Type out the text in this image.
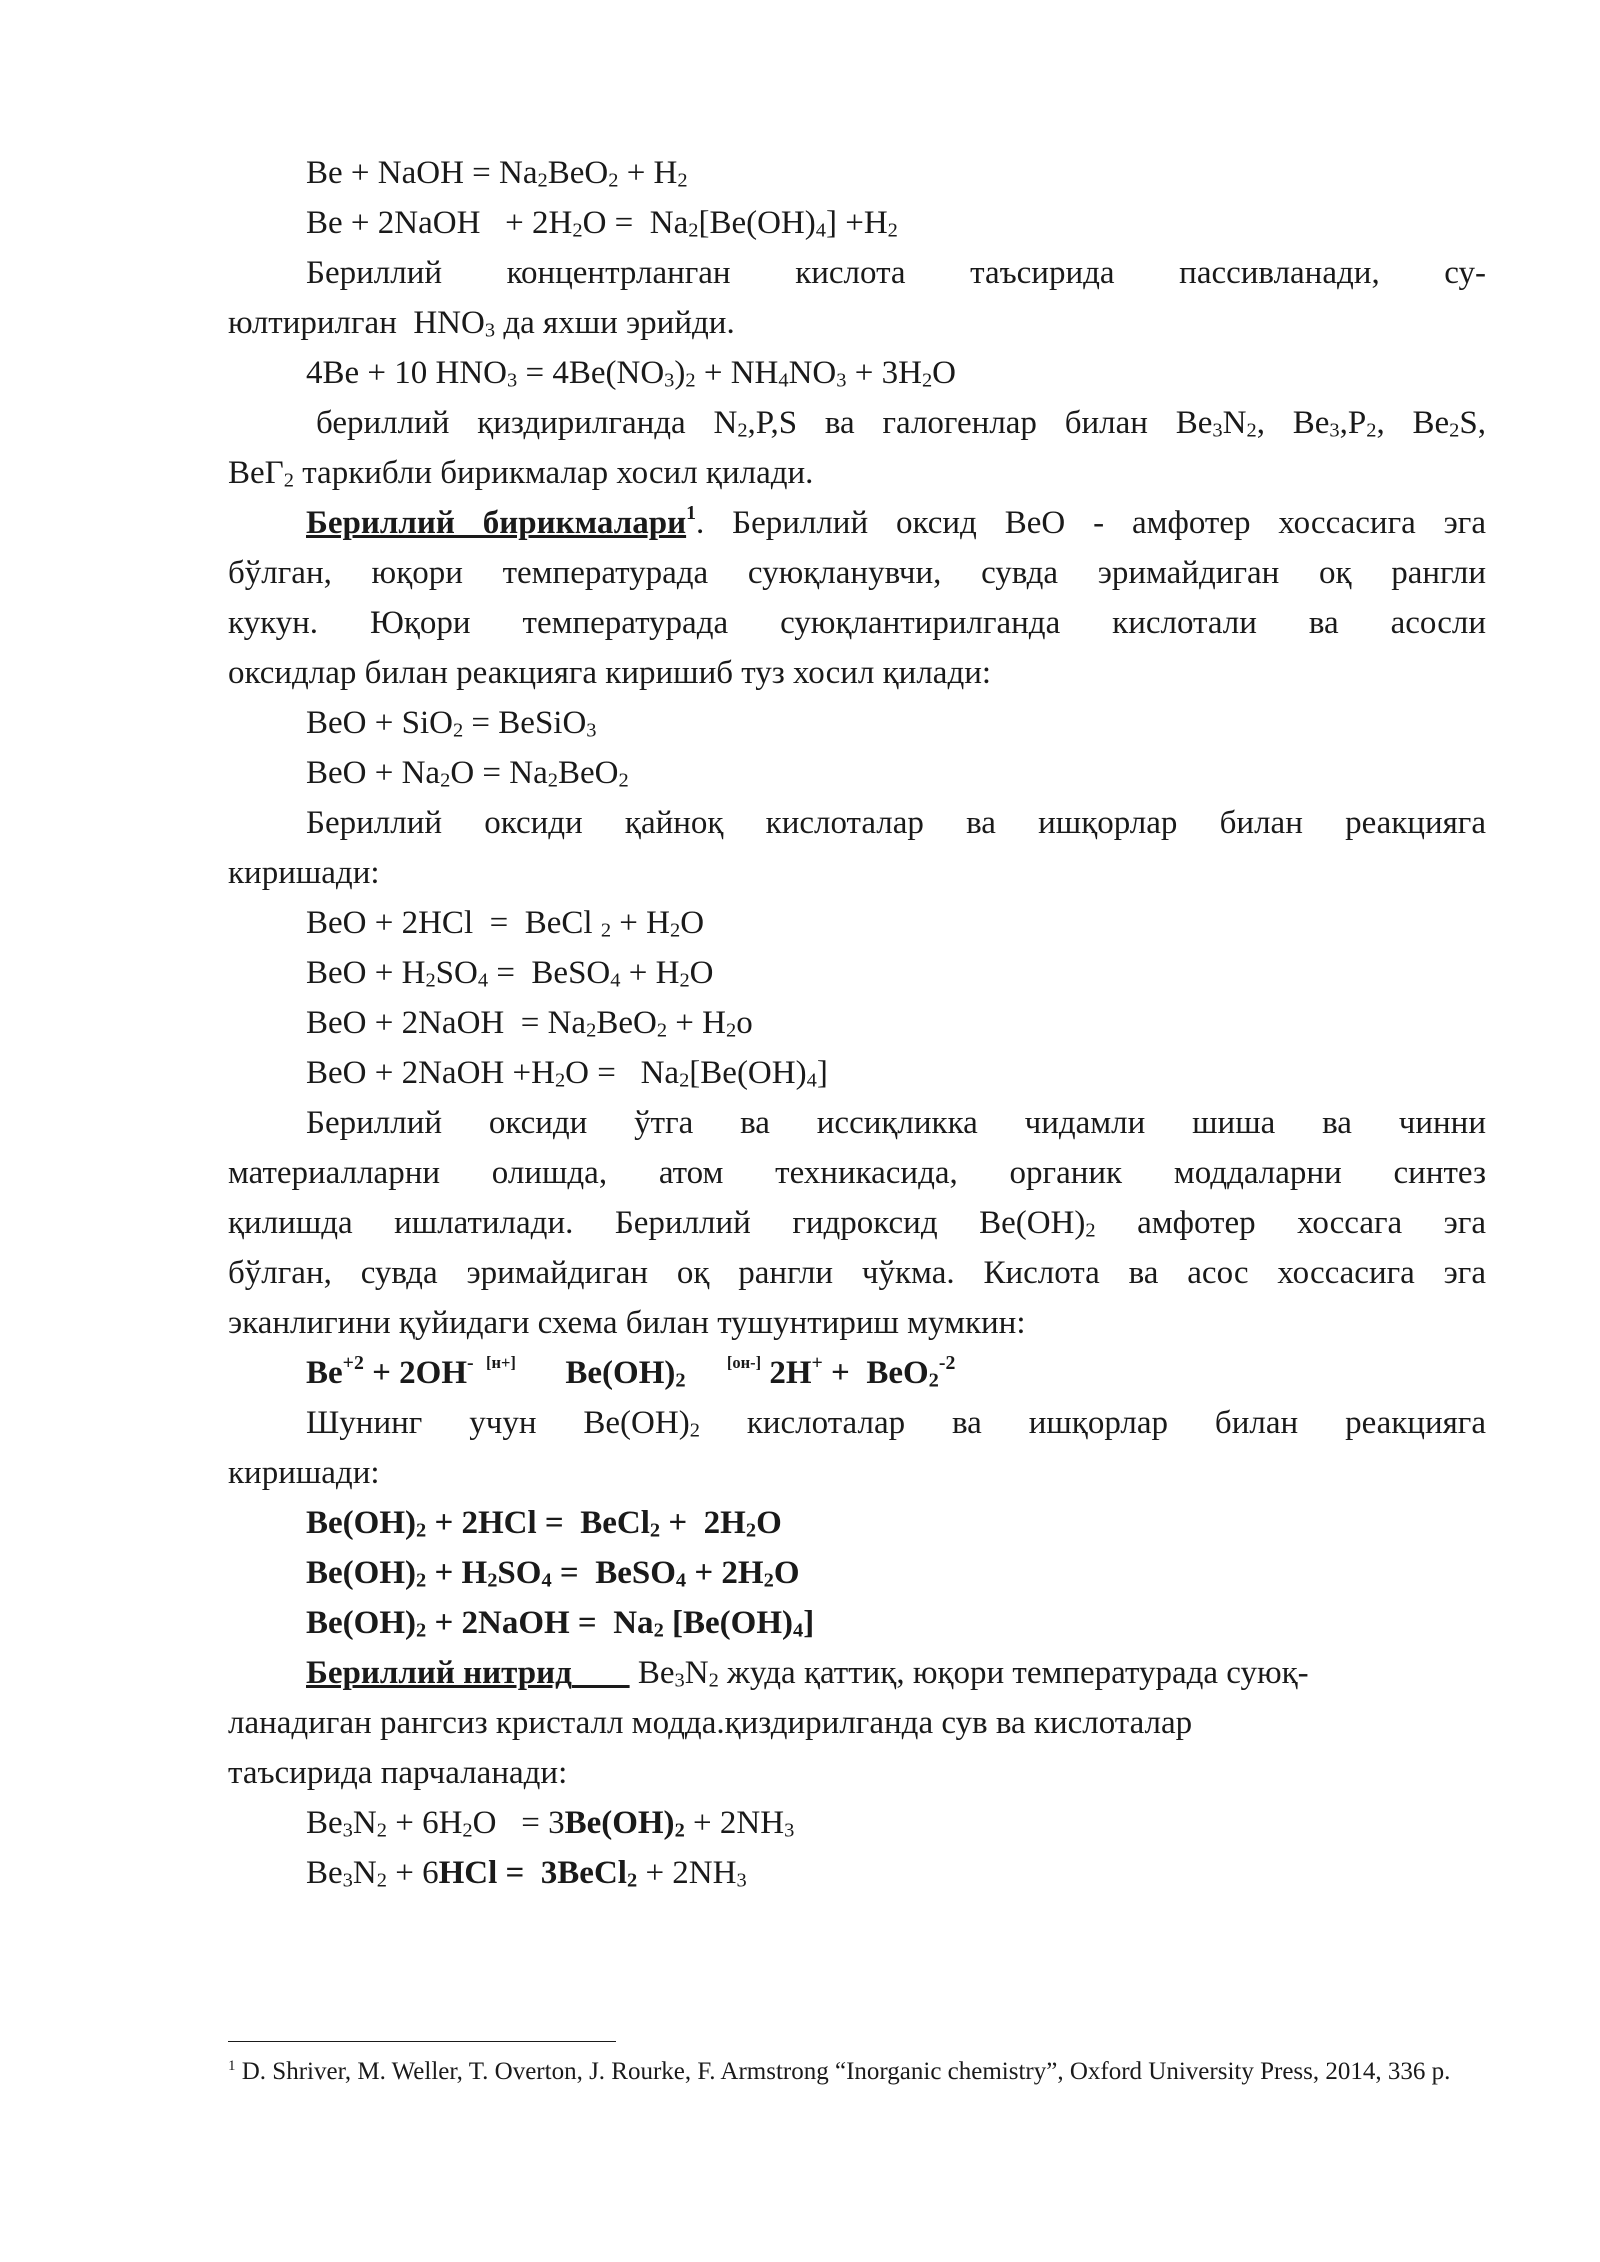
Be + NaOH = $Na_2BeO_2 + H_2$
Be + 2NaOH   + $2H_2O = Na_2[Be(OH)_4] +H_2$
Бериллий концентрланган кислота таъсирида пассивланади, су-
юлтирилган  $HNO_3$ да яхши эрийди.
4Be + 10 $HNO_3 = 4Be(NO_3)_2 + NH_4NO_3 + 3H_2O$
бериллий қиздирилганда $N_2,P,S$ ва галогенлар билан $Be_3N_2$, $Be_3,P_2$, $Be_2S$,
BeГ$_2$ таркибли бирикмалар хосил қилади.
Бериллий бирикмалари$^1$. Бериллий оксид BeO - амфотер хоссасига эга
бўлган, юқори температурада суюқланувчи, сувда эримайдиган оқ рангли
кукун. Юқори температурада суюқлантирилганда кислотали ва асосли
оксидлар билан реакцияга киришиб туз хосил қилади:
BeO + SiO$_2$ = BeSiO$_3$
BeO + $Na_2O = Na_2BeO_2$
Бериллий оксиди қайноқ кислоталар ва ишқорлар билан реакцияга
киришади:
BeO + 2HCl  =  BeCl $_2 + H_2O$
BeO + $H_2SO_4$ =  BeSO$_4$ + $H_2O$
BeO + 2NaOH  = $Na_2BeO_2 + H_2o$
BeO + 2NaOH $+H_2O = Na_2[Be(OH)_4]$
Бериллий оксиди ўтга ва иссиқликка чидамли шиша ва чинни
материалларни олишда, атом техникасида, органик моддаларни синтез
қилишда ишлатилади. Бериллий гидроксид $Be(OH)_2$ амфотер хоссага эга
бўлган, сувда эримайдиган оқ рангли чўкма. Кислота ва асос хоссасига эга
эканлигини қуйидаги схема билан тушунтириш мумкин:
$Be^{+2} + 2OH^-$  [н+]      $Be(OH)_2$     [он-] 2H+ +  BeO$_2^{-2}$
Шунинг учун $Be(OH)_2$ кислоталар ва ишқорлар билан реакцияга
киришади:
$Be(OH)_2 + 2HCl$ =  BeCl$_2$ +  $2H_2O$
$Be(OH)_2 + H_2SO_4$ =  BeSO$_4$ + $2H_2O$
$Be(OH)_2$ + 2NaOH =  $Na_2$ $[Be(OH)_4]$
Бериллий нитрид        $Be_3N_2$ жуда қаттиқ, юқори температурада суюқ-
ланадиган рангсиз кристалл модда.қиздирилганда сув ва кислоталар
таъсирида парчаланади:
$Be_3N_2 + 6H_2O = 3Be(OH)_2 + 2NH_3$
$Be_3N_2 + 6HCl$ =  3BeCl$_2$ + $2NH_3$
$^1$ D. Shriver, M. Weller, T. Overton, J. Rourke, F. Armstrong “Inorganic chemistry”, Oxford University Press, 2014, 336 p.
